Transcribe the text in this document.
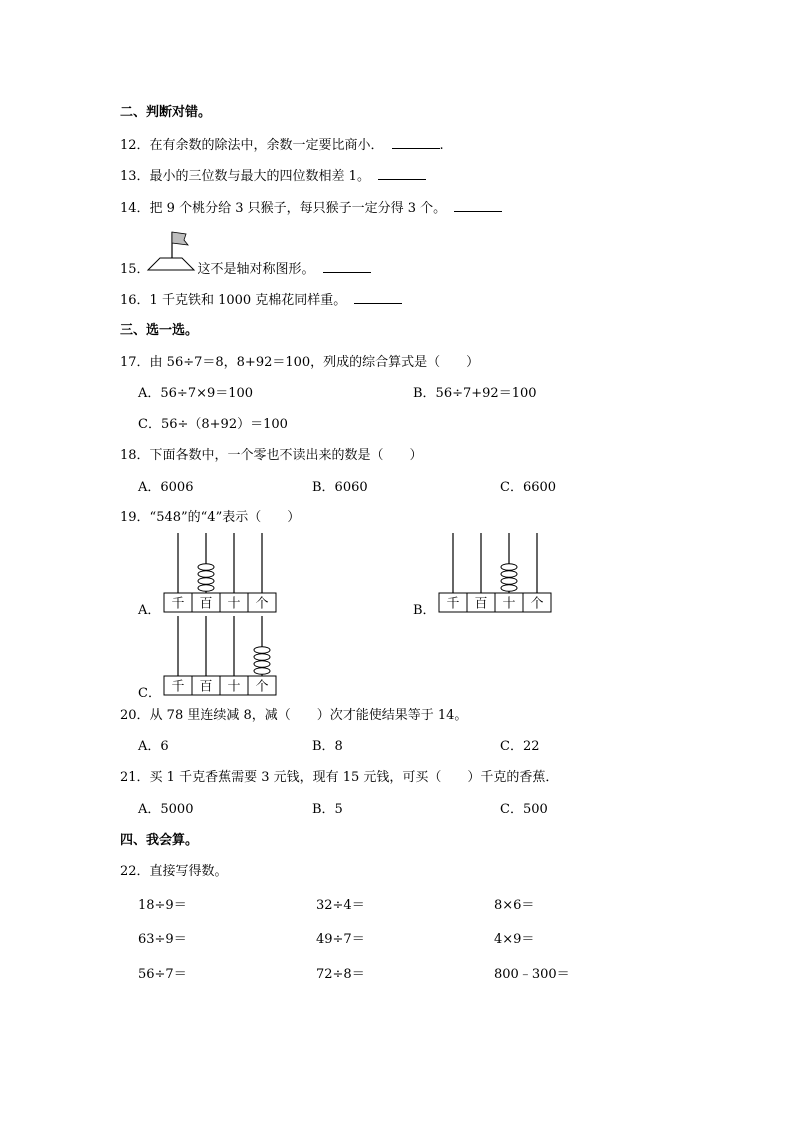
二、判断对错。
12．在有余数的除法中，余数一定要比商小．	.
13．最小的三位数与最大的四位数相差 1。
14．把 9 个桃分给 3 只猴子，每只猴子一定分得 3 个。
15．	这不是轴对称图形。
16．1 千克铁和 1000 克棉花同样重。
三、选一选。
17．由 56÷7＝8，8+92＝100，列成的综合算式是（　　）
A．56÷7×9＝100	B．56÷7+92＝100
C．56÷（8+92）＝100
18．下面各数中，一个零也不读出来的数是（　　）
A．6006	B．6060	C．6600
19．“548”的“4”表示（　　）
A． 千 百 十 个	B． 千 百 十 个
C． 千 百 十 个
20．从 78 里连续减 8，减（　　）次才能使结果等于 14。
A．6	B．8	C．22
21．买 1 千克香蕉需要 3 元钱，现有 15 元钱，可买（　　）千克的香蕉．
A．5000	B．5	C．500
四、我会算。
22．直接写得数。
18÷9＝	32÷4＝	8×6＝
63÷9＝	49÷7＝	4×9＝
56÷7＝	72÷8＝	800﹣300＝
